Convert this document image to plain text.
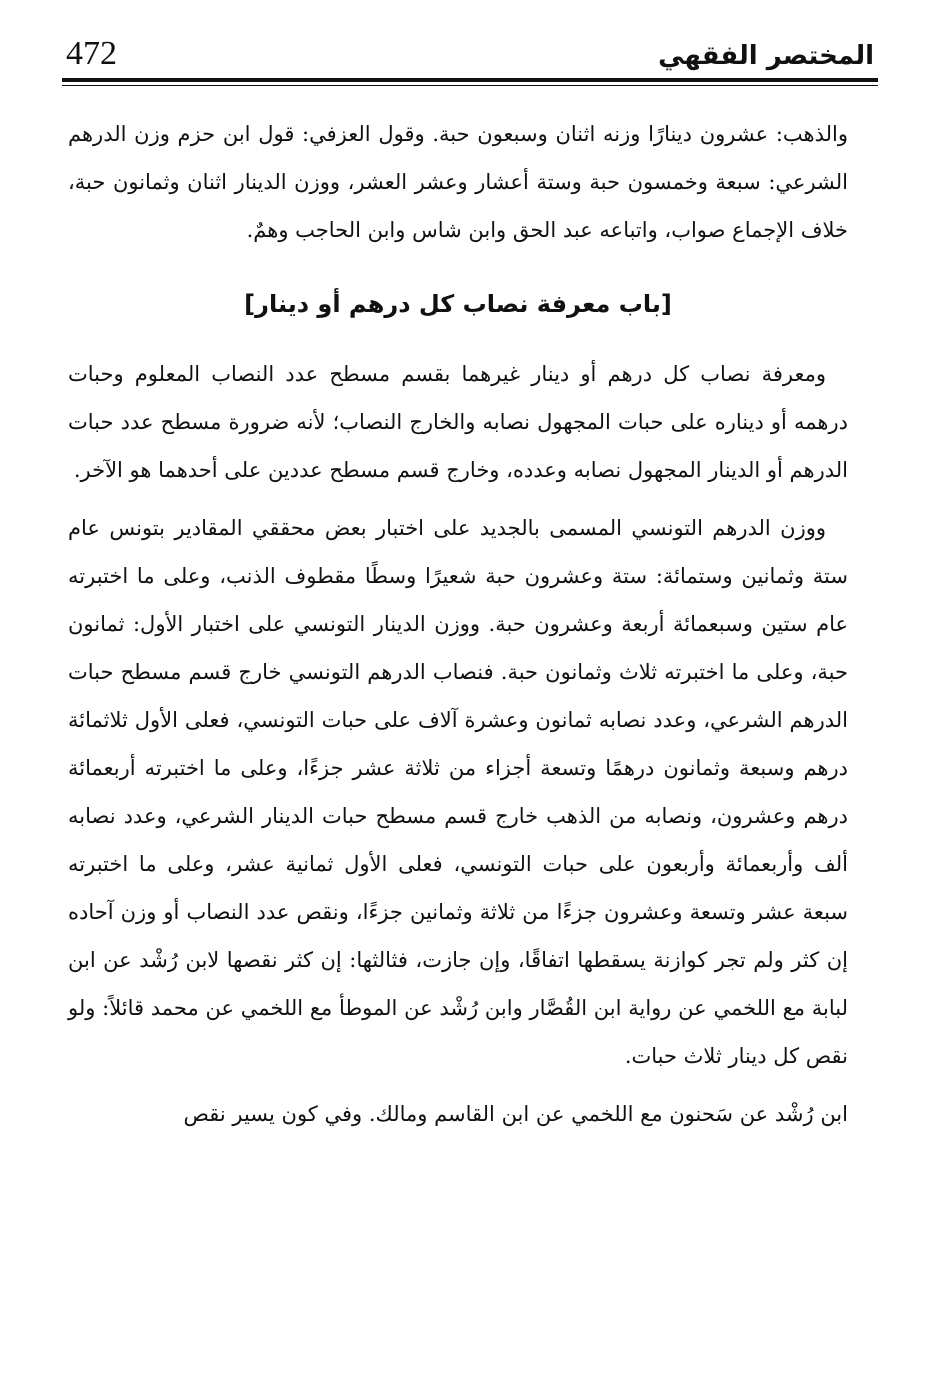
472	المختصر الفقهي

والذهب: عشرون دينارًا وزنه اثنان وسبعون حبة. وقول العزفي: قول ابن حزم وزن الدرهم الشرعي: سبعة وخمسون حبة وستة أعشار وعشر العشر، ووزن الدينار اثنان وثمانون حبة، خلاف الإجماع صواب، واتباعه عبد الحق وابن شاس وابن الحاجب وهمٌ.

[باب معرفة نصاب كل درهم أو دينار]

ومعرفة نصاب كل درهم أو دينار غيرهما بقسم مسطح عدد النصاب المعلوم وحبات درهمه أو ديناره على حبات المجهول نصابه والخارج النصاب؛ لأنه ضرورة مسطح عدد حبات الدرهم أو الدينار المجهول نصابه وعدده، وخارج قسم مسطح عددين على أحدهما هو الآخر.

ووزن الدرهم التونسي المسمى بالجديد على اختبار بعض محققي المقادير بتونس عام ستة وثمانين وستمائة: ستة وعشرون حبة شعيرًا وسطًا مقطوف الذنب، وعلى ما اختبرته عام ستين وسبعمائة أربعة وعشرون حبة. ووزن الدينار التونسي على اختبار الأول: ثمانون حبة، وعلى ما اختبرته ثلاث وثمانون حبة. فنصاب الدرهم التونسي خارج قسم مسطح حبات الدرهم الشرعي، وعدد نصابه ثمانون وعشرة آلاف على حبات التونسي، فعلى الأول ثلاثمائة درهم وسبعة وثمانون درهمًا وتسعة أجزاء من ثلاثة عشر جزءًا، وعلى ما اختبرته أربعمائة درهم وعشرون، ونصابه من الذهب خارج قسم مسطح حبات الدينار الشرعي، وعدد نصابه ألف وأربعمائة وأربعون على حبات التونسي، فعلى الأول ثمانية عشر، وعلى ما اختبرته سبعة عشر وتسعة وعشرون جزءًا من ثلاثة وثمانين جزءًا، ونقص عدد النصاب أو وزن آحاده إن كثر ولم تجر كوازنة يسقطها اتفاقًا، وإن جازت، فثالثها: إن كثر نقصها لابن رُشْد عن ابن لبابة مع اللخمي عن رواية ابن القُصَّار وابن رُشْد عن الموطأ مع اللخمي عن محمد قائلاً: ولو نقص كل دينار ثلاث حبات.

ابن رُشْد عن سَحنون مع اللخمي عن ابن القاسم ومالك. وفي كون يسير نقص
